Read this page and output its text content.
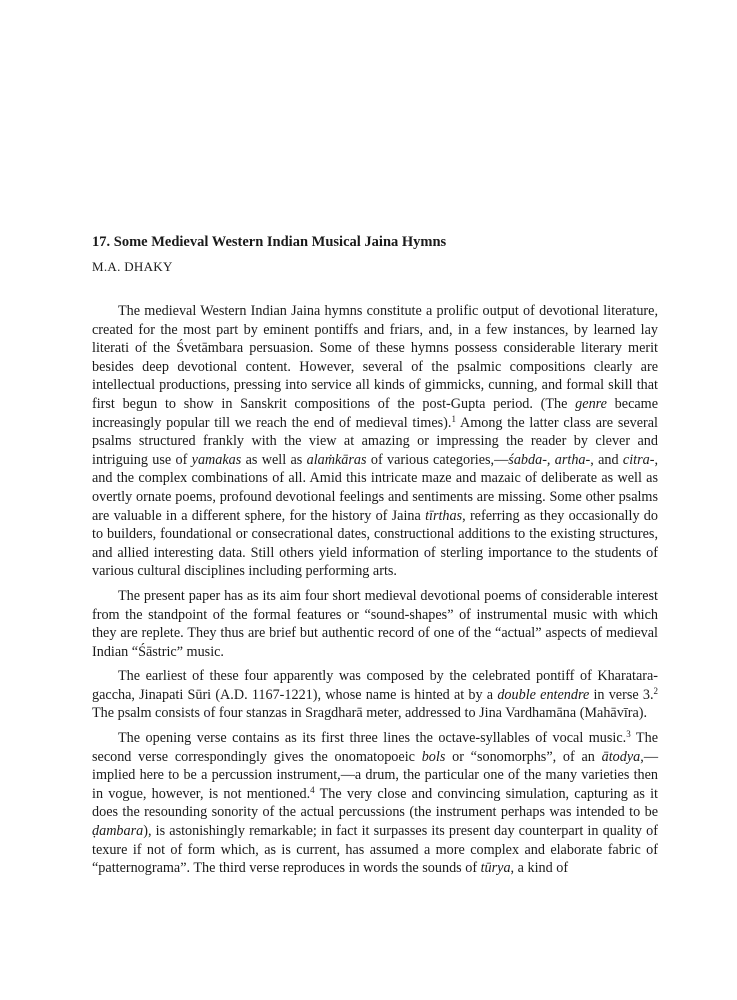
17. Some Medieval Western Indian Musical Jaina Hymns
M.A. DHAKY

The medieval Western Indian Jaina hymns constitute a prolific output of devotional literature, created for the most part by eminent pontiffs and friars, and, in a few instances, by learned lay literati of the Śvetāmbara persuasion. Some of these hymns possess considerable literary merit besides deep devotional content. However, several of the psalmic compositions clearly are intellectual productions, pressing into service all kinds of gimmicks, cunning, and formal skill that first begun to show in Sanskrit compositions of the post-Gupta period. (The genre became increasingly popular till we reach the end of medieval times).$^1$ Among the latter class are several psalms structured frankly with the view at amazing or impressing the reader by clever and intriguing use of yamakas as well as alaṁkāras of various categories,—śabda-, artha-, and citra-, and the complex combinations of all. Amid this intricate maze and mazaic of deliberate as well as overtly ornate poems, profound devotional feelings and sentiments are missing. Some other psalms are valuable in a different sphere, for the history of Jaina tīrthas, referring as they occasionally do to builders, foundational or consecrational dates, constructional additions to the existing structures, and allied interesting data. Still others yield information of sterling importance to the students of various cultural disciplines including performing arts.

The present paper has as its aim four short medieval devotional poems of considerable interest from the standpoint of the formal features or “sound-shapes” of instrumental music with which they are replete. They thus are brief but authentic record of one of the “actual” aspects of medieval Indian “Śāstric” music.

The earliest of these four apparently was composed by the celebrated pontiff of Kharatara-gaccha, Jinapati Sūri (A.D. 1167-1221), whose name is hinted at by a double entendre in verse 3.$^2$ The psalm consists of four stanzas in Sragdharā meter, addressed to Jina Vardhamāna (Mahāvīra).

The opening verse contains as its first three lines the octave-syllables of vocal music.$^3$ The second verse correspondingly gives the onomatopoeic bols or “sonomorphs”, of an ātodya,—implied here to be a percussion instrument,—a drum, the particular one of the many varieties then in vogue, however, is not mentioned.$^4$ The very close and convincing simulation, capturing as it does the resounding sonority of the actual percussions (the instrument perhaps was intended to be ḍambara), is astonishingly remarkable; in fact it surpasses its present day counterpart in quality of texure if not of form which, as is current, has assumed a more complex and elaborate fabric of “patternograma”. The third verse reproduces in words the sounds of tūrya, a kind of
